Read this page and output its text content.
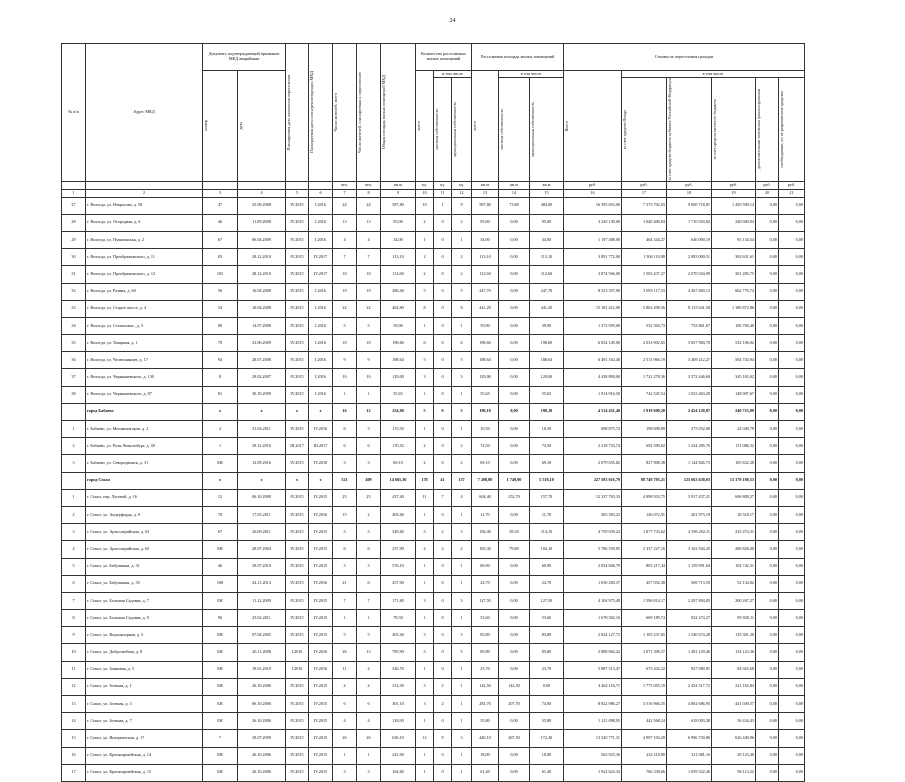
24
№ п/п	Адрес МКД	Документ, подтверждающий признание МКД аварийным		Планируемая дата окончания переселения	Планируемая дата сноса/реконструкции МКД	Число жителей, всего	Число жителей, планируемых к переселению	Общая площадь жилых помещений МКД	Количество расселяемых жилых помещений			Расселяемая площадь жилых помещений			Стоимость переселения граждан					

		номер	дата						всего	в том числе		всего	в том числе		Всего	в том числе				

										частная собственность	муниципальная собственность		частная собственность	муниципальная собственность		за счет средств Фонда	за счет средств бюджета субъекта Российской Федерации	за счет средств местного бюджета	дополнительные источники финансирования	необходимые, но не разрешенные средства

						чел.	чел.	кв.м	ед.	ед.	ед.	кв.м	кв.м	кв.м	руб.	руб.	руб.	руб.	руб.	руб.
1	2	3	4	5	6	7	8	9	10	11	12	13	14	15	16	17	18	19	20	21
27	г. Вологда, ул. Некрасова, д. 58	47	25.09.2008	IV.2015	I.2016	24	24	587,80	10	1	9	587,80	73,80	484,00	16 395 653,00	7 373 702,03	9 000 718,81	1 450 590,14	0,00	0,00
28	г. Вологда, ул. Огородная, д. 6	46	11.09.2008	IV.2015	I.2016	13	13	95,00	2	0	2	95,00	0,00	95,00	3 220 130,00	1 040 400,04	1 710 503,92	240 040,04	0,00	0,00
29	г. Вологда, ул. Пушкинская, д. 2	67	06.04.2009	IV.2015	I.2016	4	4	34,00	1	0	1	34,00	0,00	34,00	1 197 488,00	464 344,27	640 000,19	93 134,54	0,00	0,00
30	г. Вологда, ул. Преображенского, д. 11	83	28.12.2010	IV.2015	IV.2017	7	7	113,10	2	0	2	113,10	0,00	113,10	3 891 772,00	1 506 110,88	2 083 000,51	302 631,61	0,00	0,00
31	г. Вологда, ул. Преображенского, д. 12	103	28.12.2010	IV.2015	IV.2017	10	10	112,60	2	0	2	112,60	0,00	112,60	3 874 566,00	1 503 437,27	2 070 034,99	301 283,75	0,00	0,00
32	г. Вологда, ул. Разина, д. 60	56	16.04.2008	IV.2015	I.2016	19	19	286,40	5	0	5	247,70	0,00	247,70	8 523 357,00	3 093 117,33	4 367 469,13	662 770,74	0,00	0,00
33	г. Вологда, ул. Старое шоссе, д. 4	54	10.04.2008	IV.2015	I.2016	22	22	462,80	8	0	8	441,20	0,00	441,20	15 181 412,00	5 863 498,56	8 115 041,58	1 180 872,86	0,00	0,00
34	г. Вологда, ул. Стахановск., д. 5	80	14.07.2008	IV.2015	I.2016	5	5	39,90	1	0	1	39,90	0,00	39,90	1 372 959,00	552 394,73	733 861,67	106 760,40	0,00	0,00
35	г. Вологда, ул. Товарная, д. 1	78	23.06.2009	IV.2015	I.2016	10	10	198,60	6	0	6	198,60	0,00	198,60	6 834 149,00	2 033 902,65	3 657 984,70	532 106,02	0,00	0,00
36	г. Вологда, ул. Челюскинцев, д. 17	94	28.07.2008	IV.2015	I.2016	9	9	188,64	5	0	5	188,64	0,00	188,64	6 491 162,40	2 513 966,19	3 469 212,27	504 743,94	0,00	0,00
37	г. Вологда, ул. Чернышевского, д. 130	8	29.02.2007	IV.2015	I.2016	10	10	129,00	3	0	3	129,00	0,00	129,00	4 438 890,00	1 721 278,36	2 372 446,60	345 165,02	0,00	0,00
38	г. Вологда, ул. Чернышевского, д. 87	81	30.10.2009	IV.2015	I.2016	1	1	55,65	1	0	1	55,65	0,00	55,65	1 914 916,50	742 545,54	1 023 463,29	148 907,67	0,00	0,00
	город Бабаево	х	х	х	х	16	12	254,00	5	0	5	190,10	0,00	190,10	4 514 451,40	1 919 600,20	2 454 128,07	240 723,09	0,00	0,00
1	г. Бабаево, ул. Механизаторов, д. 2	2	31.04.2011	IV.2015	IV.2016	6	3	115,50	1	0	1	10,50	0,00	10,50	698 875,74	198 698,89	275 052,06	24 040,79	0,00	0,00
2	г. Бабаево, ул. Розы Люксембург, д. 38	1	29.12.2016	III.2017	III.2017	6	6	170,52	2	0	2	74,50	0,00	74,50	2 218 733,74	692 590,02	1 234 285,76	111 086,32	0,00	0,00
3	г. Бабаево, ул. Северодвинск, д. 31	БН	12.09.2016	IV.2015	IV.2018	3	3	69,10	2	0	2	69,10	0,00	69,10	2 079 655,82	827 908,38	1 144 826,73	105 632,28	0,00	0,00
	город Сокол	х	х	х	х	521	409	14 665,30	178	41	137	7 208,00	1 749,90	5 518,10	227 583 616,79	88 749 795,21	125 663 638,03	13 379 180,53	0,00	0,00
1	г. Сокол, пер. Луговой, д. 16	12	06.10.2009	IV.2015	IV.2015	25	25	437,40	11	7	4	604,40	252,70	157,70	12 337 765,33	4 998 933,75	5 917 437,21	606 809,27	0,00	0,00
2	г. Сокол, ул. Андерфорда, д. 9	78	17.05.2011	IV.2015	IV.2016	15	2	403,60	1	0	1	11,70	0,00	11,70	365 383,23	146 072,91	201 973,19	18 318,17	0,00	0,00
3	г. Сокол, ул. Артиллерийская, д. 63	67	26.09.2011	IV.2015	IV.2015	5	5	349,60	5	2	3	156,40	58,30	114,10	4 759 939,24	1 877 733,62	2 596 202,11	235 474,31	0,00	0,00
4	г. Сокол, ул. Артиллерийская, д. 65	БН	28.07.2004	IV.2015	IV.2015	6	6	237,09	4	2	2	183,30	79,80	104,10	5 786 559,05	2 337 227,16	3 162 504,25	286 828,00	0,00	0,00
5	г. Сокол, ул. Бабушкина, д. 31	46	29.07.2010	IV.2015	IV.2015	3	3	576,10	1	0	1	60,90	0,00	60,90	2 054 846,79	803 217,44	1 159 991,64	104 742,31	0,00	0,00
6	г. Сокол, ул. Бабушкина, д. 35	108	24.11.2014	IV.2015	IV.2016	21	6	437,00	1	0	1	24,70	0,00	24,70	1 030 200,37	457 952,38	569 713,59	52 134,02	0,00	0,00
7	г. Сокол, ул. Большая Садовая, д. 7	БН	11.12.2009	IV.2015	IV.2015	7	7	171,80	3	0	3	127,50	0,00	127,50	4 104 975,49	1 596 814,17	2 207 894,05	200 267,27	0,00	0,00
8	г. Сокол, ул. Большая Садовая, д. 9	96	25.02.2011	IV.2015	IV.2015	1	1	78,30	1	0	1	53,60	0,00	53,60	1 678 302,16	669 189,74	922 274,27	85 920,11	0,00	0,00
9	г. Сокол, ул. Водонапорная, д. 5	БН	07.04.2005	IV.2015	IV.2015	5	5	403,40	3	0	3	83,80	0,00	83,80	2 824 127,73	1 103 237,65	1 540 674,28	135 301,30	0,00	0,00
10	г. Сокол, ул. Добролюбова, д. 8	БН	20.11.2008	I.2016	IV.2016	26	13	785,90	5	0	5	85,80	0,00	85,80	2 888 062,42	1 071 309,37	1 481 129,40	134 123,36	0,00	0,00
11	г. Сокол, ул. Зинковая, д. 5	БН	19.01.2010	I.2016	IV.2016	11	4	326,70	1	0	1	23,70	0,00	23,70	5 887 513,47	675 432,22	927 080,91	84 025,68	0,00	0,00
12	г. Сокол, ул. Зеленая, д. 1	БН	26.10.2006	IV.2015	IV.2015	4	4	312,30	3	2	1	142,50	142,50	0,00	4 462 116,71	1 775 055,19	2 454 317,72	221 165,84	0,00	0,00
13	г. Сокол, ул. Зеленая, д. 3	БН	06.10.2006	IV.2015	IV.2015	6	6	301,10	3	2	1	281,70	207,70	74,00	8 822 986,27	3 516 966,35	4 862 686,95	441 049,57	0,00	0,00
14	г. Сокол, ул. Зеленая, д. 7	БН	26.10.2006	IV.2015	IV.2015	4	4	118,90	1	0	1	35,80	0,00	35,80	1 121 098,95	442 568,24	618 003,38	56 434,43	0,00	0,00
15	г. Сокол, ул. Интернатская, д. 17	7	29.07.2009	IV.2015	IV.2015	26	26	636,10	12	9	3	440,10	267,50	172,20	13 320 771,31	4 997 194,29	6 906 730,86	626 449,96	0,00	0,00
16	г. Сокол, ул. Красноармейская, д. 14	БН	26.10.2006	IV.2015	IV.2015	1	1	241,00	1	0	1	18,00	0,00	18,00	562 923,36	232 218,90	321 081,16	29 123,40	0,00	0,00
17	г. Сокол, ул. Красноармейская, д. 15	БН	26.10.2006	IV.2015	IV.2015	3	3	162,60	1	0	1	61,40	0,00	61,40	1 922 624,34	766 338,66	1 059 522,46	96 113,22	0,00	0,00
